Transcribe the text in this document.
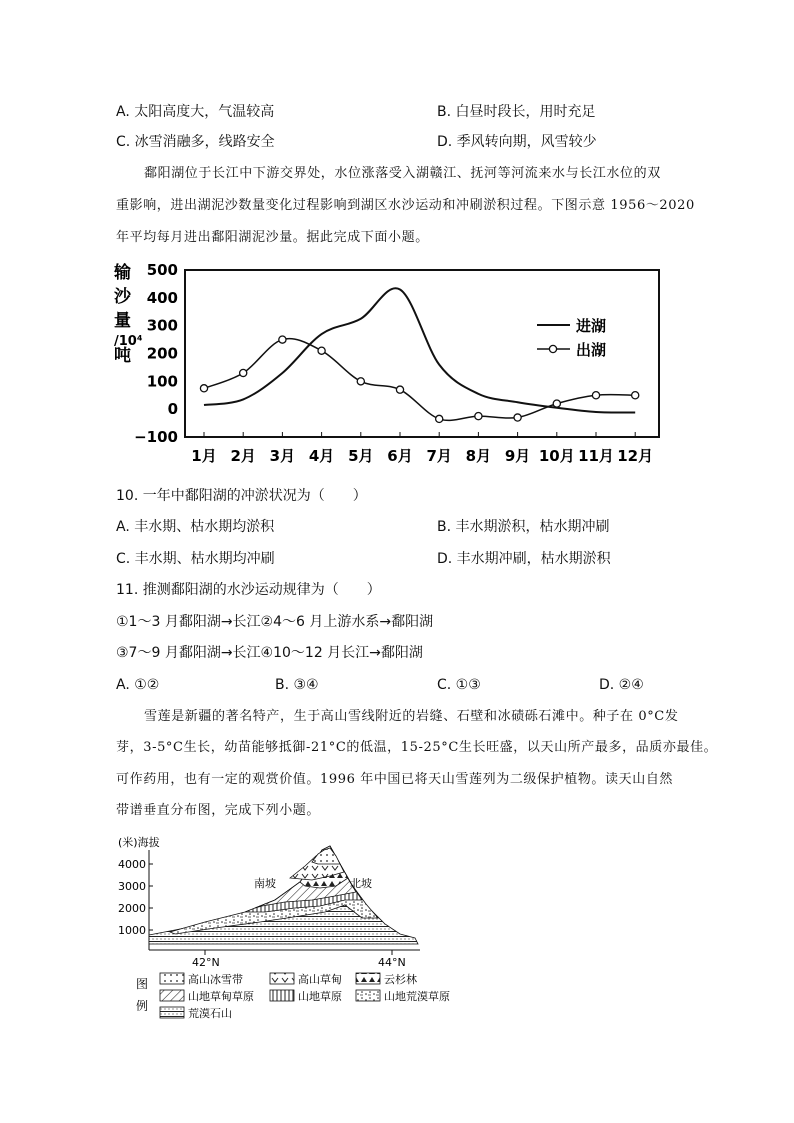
A. 太阳高度大，气温较高	B. 白昼时段长，用时充足
C. 冰雪消融多，线路安全	D. 季风转向期，风雪较少
鄱阳湖位于长江中下游交界处，水位涨落受入湖赣江、抚河等河流来水与长江水位的双
重影响，进出湖泥沙数量变化过程影响到湖区水沙运动和冲刷淤积过程。下图示意 1956～2020
年平均每月进出鄱阳湖泥沙量。据此完成下面小题。
输
沙
量
/10⁴
吨
500
400
300
200
100
0
−100
1月 2月 3月 4月 5月 6月 7月 8月 9月 10月 11月 12月
进湖
出湖
10. 一年中鄱阳湖的冲淤状况为（　　）
A. 丰水期、枯水期均淤积	B. 丰水期淤积，枯水期冲刷
C. 丰水期、枯水期均冲刷	D. 丰水期冲刷，枯水期淤积
11. 推测鄱阳湖的水沙运动规律为（　　）
①1～3 月鄱阳湖→长江②4～6 月上游水系→鄱阳湖
③7～9 月鄱阳湖→长江④10～12 月长江→鄱阳湖
A. ①②	B. ③④	C. ①③	D. ②④
雪莲是新疆的著名特产，生于高山雪线附近的岩缝、石壁和冰碛砾石滩中。种子在 0°C发
芽，3-5°C生长，幼苗能够抵御-21°C的低温，15-25°C生长旺盛，以天山所产最多，品质亦最佳。
可作药用，也有一定的观赏价值。1996 年中国已将天山雪莲列为二级保护植物。读天山自然
带谱垂直分布图，完成下列小题。
(米)海拔
4000
3000
2000
1000
南坡	北坡
42°N	44°N
图
例
高山冰雪带	高山草甸	云杉林
山地草甸草原	山地草原	山地荒漠草原
荒漠石山
